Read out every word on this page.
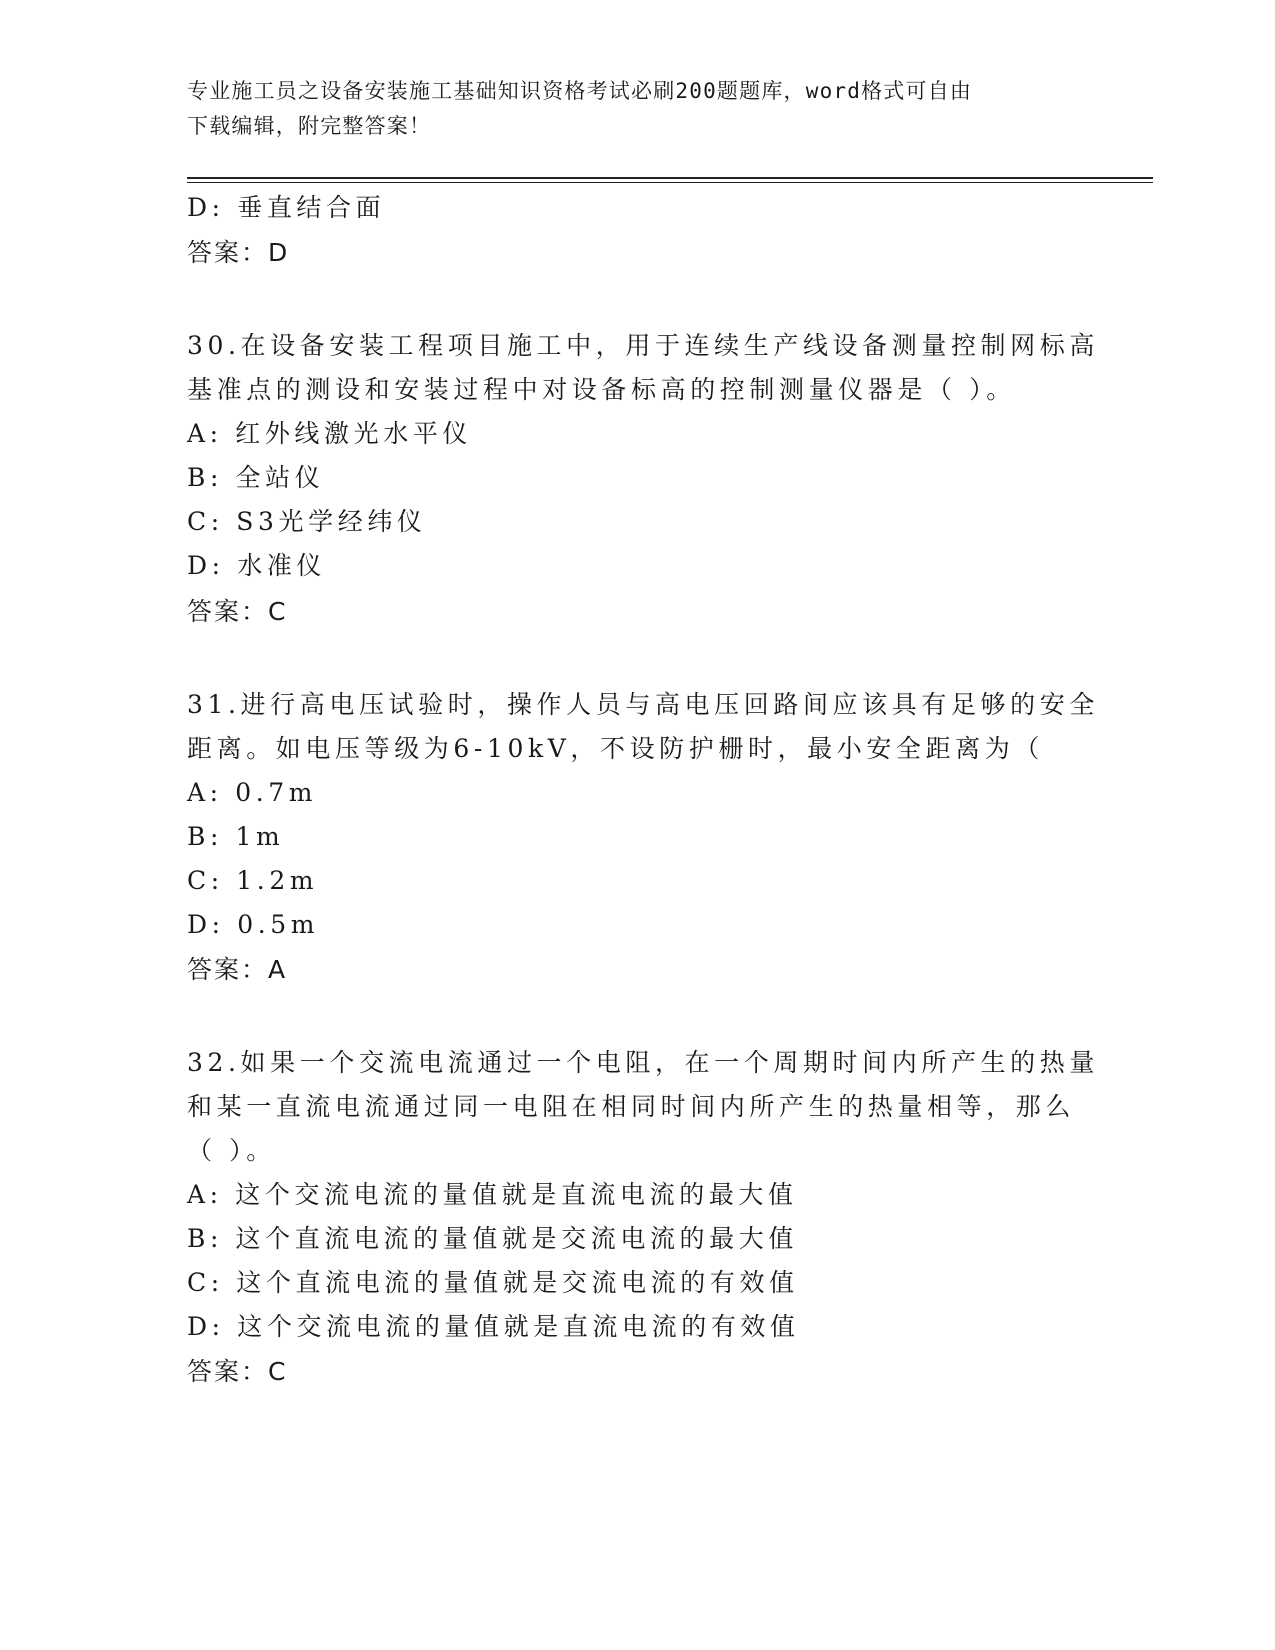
专业施工员之设备安装施工基础知识资格考试必刷200题题库，word格式可自由
下载编辑，附完整答案！
D: 垂直结合面
答案：D
30.在设备安装工程项目施工中，用于连续生产线设备测量控制网标高
基准点的测设和安装过程中对设备标高的控制测量仪器是（ ）。
A: 红外线激光水平仪
B: 全站仪
C: S3光学经纬仪
D: 水准仪
答案：C
31.进行高电压试验时，操作人员与高电压回路间应该具有足够的安全
距离。如电压等级为6-10kV，不设防护栅时，最小安全距离为（
A: 0.7m
B: 1m
C: 1.2m
D: 0.5m
答案：A
32.如果一个交流电流通过一个电阻，在一个周期时间内所产生的热量
和某一直流电流通过同一电阻在相同时间内所产生的热量相等，那么
（ ）。
A: 这个交流电流的量值就是直流电流的最大值
B: 这个直流电流的量值就是交流电流的最大值
C: 这个直流电流的量值就是交流电流的有效值
D: 这个交流电流的量值就是直流电流的有效值
答案：C
